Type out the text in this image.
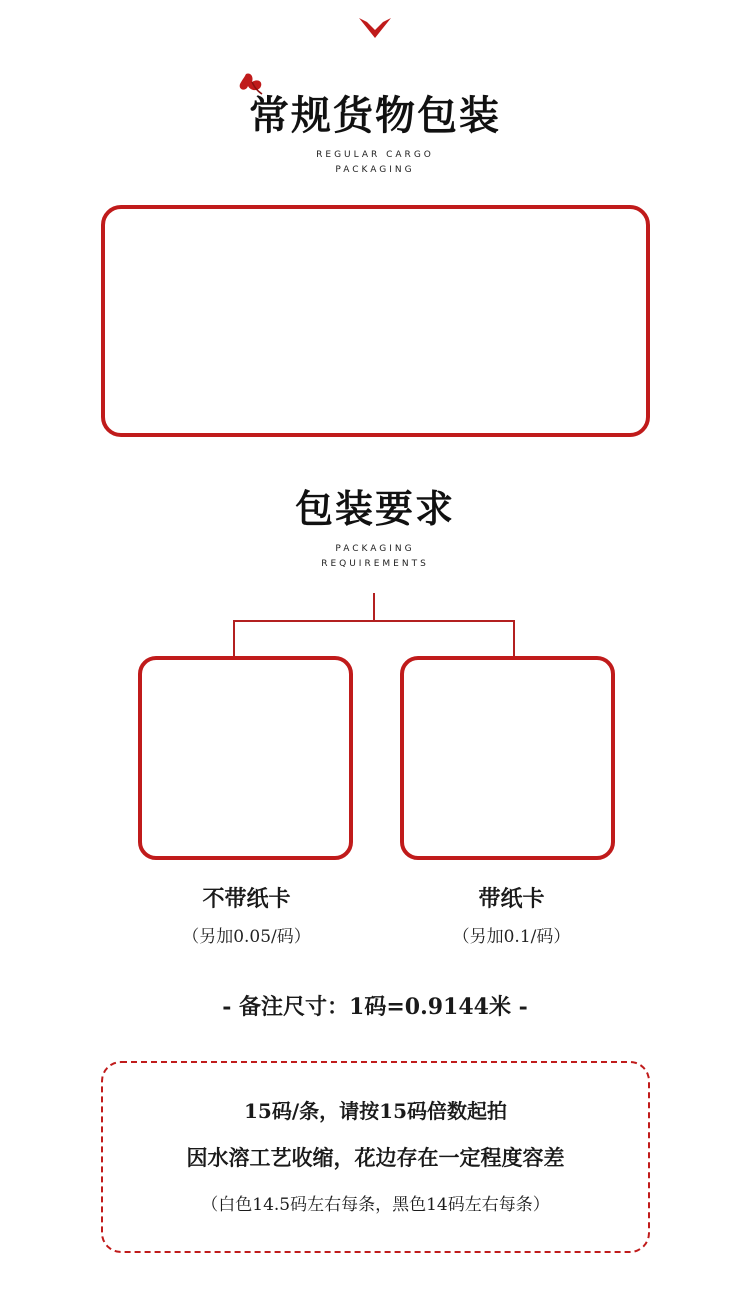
常规货物包装
REGULAR CARGO
PACKAGING
包装要求
PACKAGING
REQUIREMENTS
不带纸卡
（另加0.05/码）
带纸卡
（另加0.1/码）
- 备注尺寸：1码=0.9144米 -
15码/条，请按15码倍数起拍
因水溶工艺收缩，花边存在一定程度容差
（白色14.5码左右每条，黑色14码左右每条）
